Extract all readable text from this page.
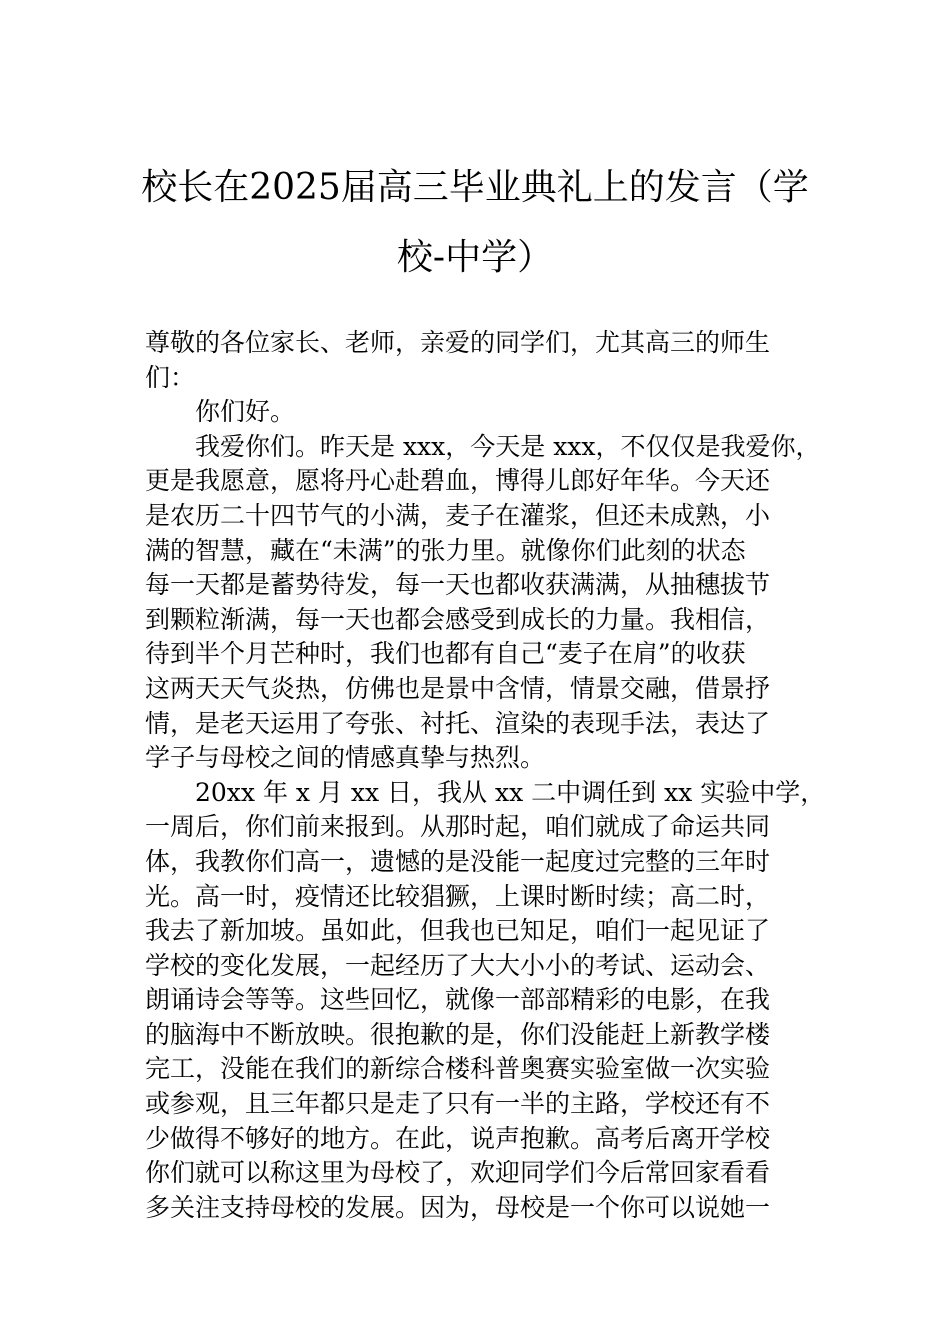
校长在2025届高三毕业典礼上的发言（学
校-中学）
尊敬的各位家长、老师，亲爱的同学们，尤其高三的师生
们：
你们好。
我爱你们。昨天是 xxx，今天是 xxx，不仅仅是我爱你，
更是我愿意，愿将丹心赴碧血，博得儿郎好年华。今天还
是农历二十四节气的小满，麦子在灌浆，但还未成熟，小
满的智慧，藏在“未满”的张力里。就像你们此刻的状态
每一天都是蓄势待发，每一天也都收获满满，从抽穗拔节
到颗粒渐满，每一天也都会感受到成长的力量。我相信，
待到半个月芒种时，我们也都有自己“麦子在肩”的收获
这两天天气炎热，仿佛也是景中含情，情景交融，借景抒
情，是老天运用了夸张、衬托、渲染的表现手法，表达了
学子与母校之间的情感真挚与热烈。
20xx 年 x 月 xx 日，我从 xx 二中调任到 xx 实验中学，
一周后，你们前来报到。从那时起，咱们就成了命运共同
体，我教你们高一，遗憾的是没能一起度过完整的三年时
光。高一时，疫情还比较猖獗，上课时断时续；高二时，
我去了新加坡。虽如此，但我也已知足，咱们一起见证了
学校的变化发展，一起经历了大大小小的考试、运动会、
朗诵诗会等等。这些回忆，就像一部部精彩的电影，在我
的脑海中不断放映。很抱歉的是，你们没能赶上新教学楼
完工，没能在我们的新综合楼科普奥赛实验室做一次实验
或参观，且三年都只是走了只有一半的主路，学校还有不
少做得不够好的地方。在此，说声抱歉。高考后离开学校
你们就可以称这里为母校了，欢迎同学们今后常回家看看
多关注支持母校的发展。因为，母校是一个你可以说她一
